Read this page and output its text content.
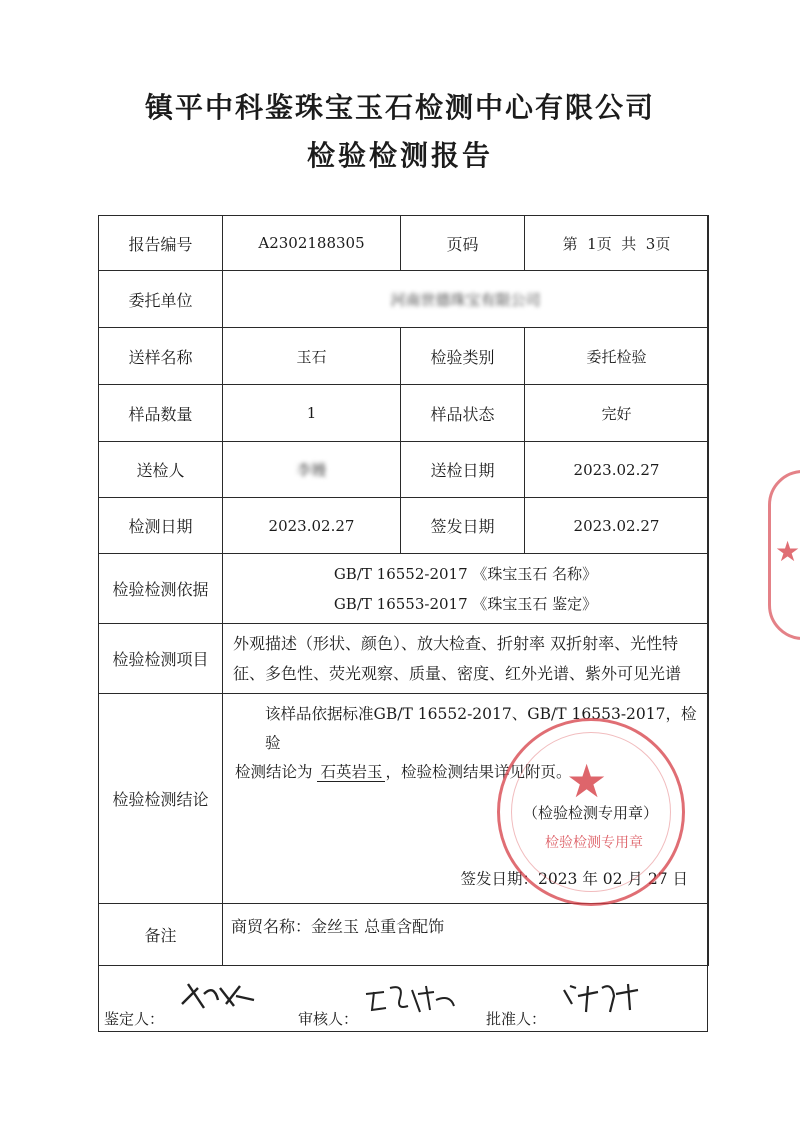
镇平中科鉴珠宝玉石检测中心有限公司
检验检测报告
报告编号	A2302188305	页码	第  1页  共  3页
委托单位	河南世德珠宝有限公司		
送样名称	玉石	检验类别	委托检验
样品数量	1	样品状态	完好
送检人	李嫚	送检日期	2023.02.27
检测日期	2023.02.27	签发日期	2023.02.27
检验检测依据	GB/T 16552-2017 《珠宝玉石 名称》
GB/T 16553-2017 《珠宝玉石 鉴定》		

检验检测项目	外观描述（形状、颜色）、放大检查、折射率 双折射率、光性特征、多色性、荧光观察、质量、密度、红外光谱、紫外可见光谱		
检验检测结论	该样品依据标准GB/T 16552-2017、GB/T 16553-2017，检验
检测结论为 石英岩玉 ，检验检测结果详见附页。
（检验检测专用章）
签发日期：2023 年 02 月 27 日		

备注	商贸名称：金丝玉 总重含配饰		
鉴定人：	审核人：	批准人：
★
检验检测专用章
★
